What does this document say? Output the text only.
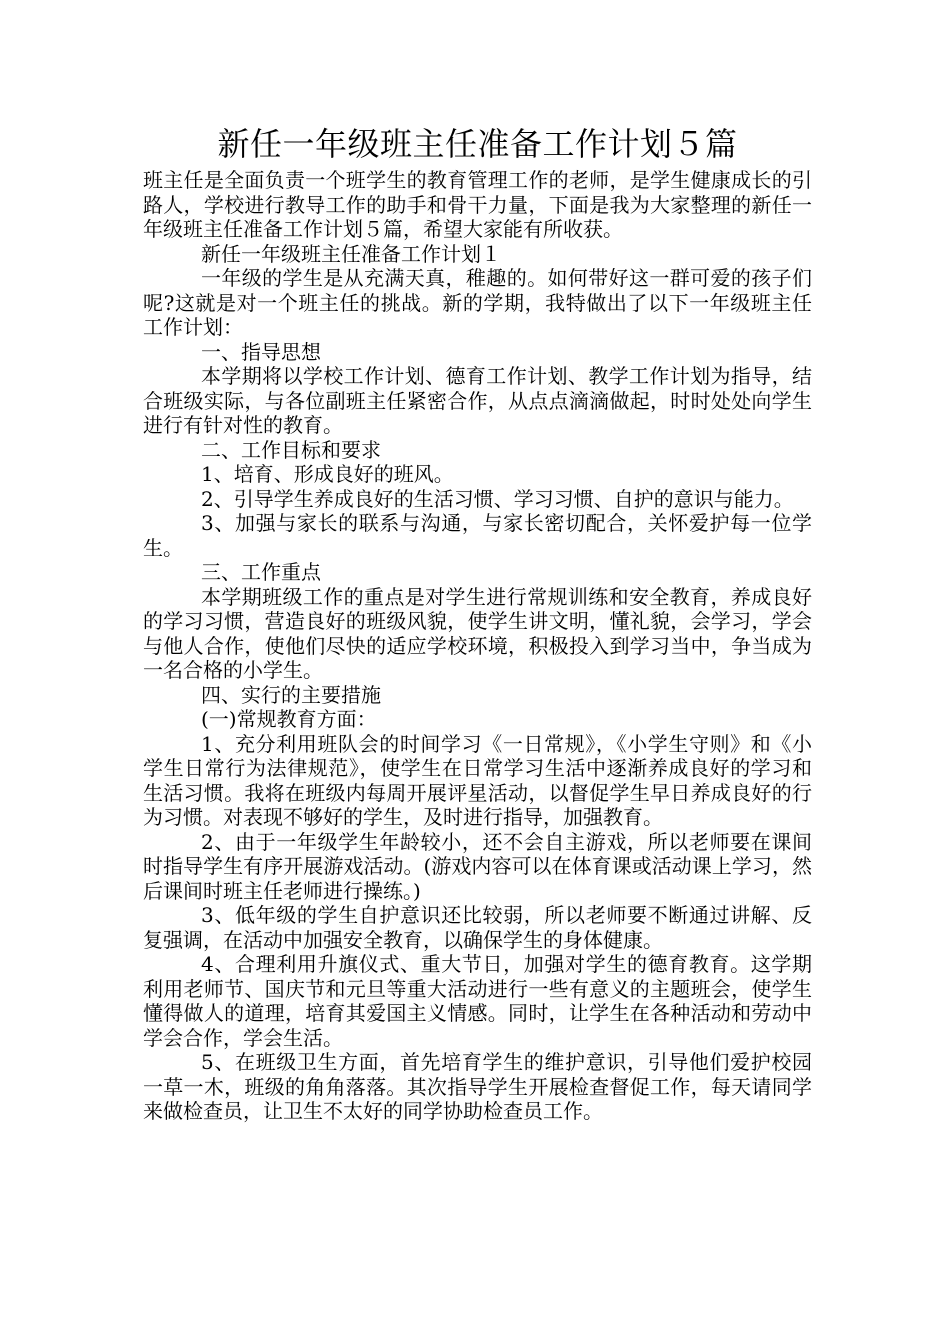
新任一年级班主任准备工作计划５篇

班主任是全面负责一个班学生的教育管理工作的老师，是学生健康成长的引路人，学校进行教导工作的助手和骨干力量，下面是我为大家整理的新任一年级班主任准备工作计划５篇，希望大家能有所收获。

新任一年级班主任准备工作计划１

一年级的学生是从充满天真，稚趣的。如何带好这一群可爱的孩子们呢?这就是对一个班主任的挑战。新的学期，我特做出了以下一年级班主任工作计划：

一、指导思想

本学期将以学校工作计划、德育工作计划、教学工作计划为指导，结合班级实际，与各位副班主任紧密合作，从点点滴滴做起，时时处处向学生进行有针对性的教育。

二、工作目标和要求

1、培育、形成良好的班风。

2、引导学生养成良好的生活习惯、学习习惯、自护的意识与能力。

3、加强与家长的联系与沟通，与家长密切配合，关怀爱护每一位学生。

三、工作重点

本学期班级工作的重点是对学生进行常规训练和安全教育，养成良好的学习习惯，营造良好的班级风貌，使学生讲文明，懂礼貌，会学习，学会与他人合作，使他们尽快的适应学校环境，积极投入到学习当中，争当成为一名合格的小学生。

四、实行的主要措施

(一)常规教育方面：

1、充分利用班队会的时间学习《一日常规》，《小学生守则》和《小学生日常行为法律规范》，使学生在日常学习生活中逐渐养成良好的学习和生活习惯。我将在班级内每周开展评星活动，以督促学生早日养成良好的行为习惯。对表现不够好的学生，及时进行指导，加强教育。

2、由于一年级学生年龄较小，还不会自主游戏，所以老师要在课间时指导学生有序开展游戏活动。(游戏内容可以在体育课或活动课上学习，然后课间时班主任老师进行操练。)

3、低年级的学生自护意识还比较弱，所以老师要不断通过讲解、反复强调，在活动中加强安全教育，以确保学生的身体健康。

4、合理利用升旗仪式、重大节日，加强对学生的德育教育。这学期利用老师节、国庆节和元旦等重大活动进行一些有意义的主题班会，使学生懂得做人的道理，培育其爱国主义情感。同时，让学生在各种活动和劳动中学会合作，学会生活。

5、在班级卫生方面，首先培育学生的维护意识，引导他们爱护校园一草一木，班级的角角落落。其次指导学生开展检查督促工作，每天请同学来做检查员，让卫生不太好的同学协助检查员工作。
